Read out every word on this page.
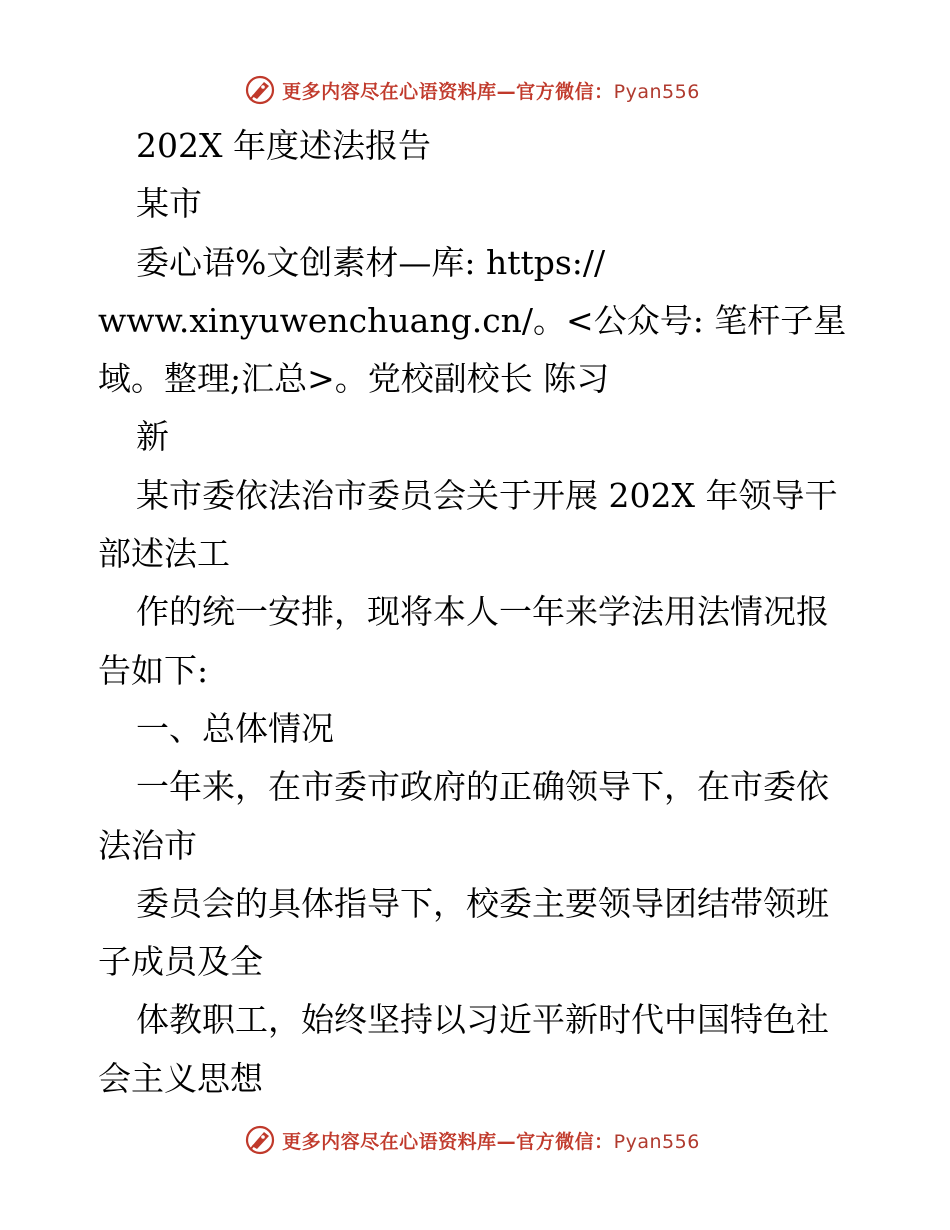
更多内容尽在心语资料库—官方微信：Pyan556
202X 年度述法报告
某市
委心语%文创素材—库: https://
www.xinyuwenchuang.cn/。<公众号: 笔杆子星
域。整理;汇总>。党校副校长 陈习
新
某市委依法治市委员会关于开展 202X 年领导干
部述法工
作的统一安排，现将本人一年来学法用法情况报
告如下:
一、总体情况
一年来，在市委市政府的正确领导下，在市委依
法治市
委员会的具体指导下，校委主要领导团结带领班
子成员及全
体教职工，始终坚持以习近平新时代中国特色社
会主义思想
更多内容尽在心语资料库—官方微信：Pyan556
